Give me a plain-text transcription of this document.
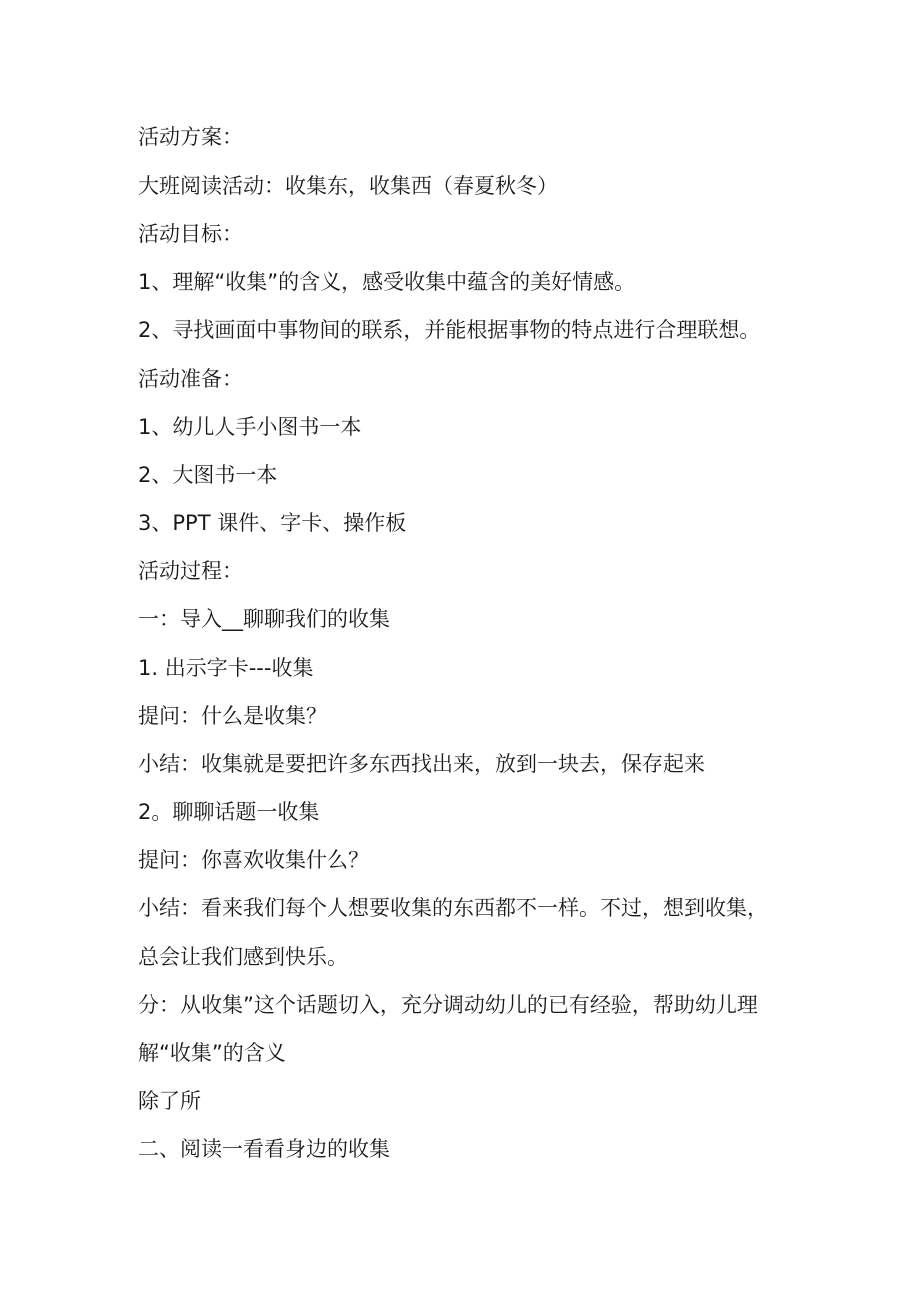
活动方案：
大班阅读活动：收集东，收集西（春夏秋冬）
活动目标：
1、理解“收集”的含义，感受收集中蕴含的美好情感。
2、寻找画面中事物间的联系，并能根据事物的特点进行合理联想。
活动准备：
1、幼儿人手小图书一本
2、大图书一本
3、PPT 课件、字卡、操作板
活动过程：
一：导入__聊聊我们的收集
1. 出示字卡---收集
提问：什么是收集？
小结：收集就是要把许多东西找出来，放到一块去，保存起来
2。聊聊话题一收集
提问：你喜欢收集什么？
小结：看来我们每个人想要收集的东西都不一样。不过，想到收集，
总会让我们感到快乐。
分：从收集”这个话题切入，充分调动幼儿的已有经验，帮助幼儿理
解“收集”的含义
除了所
二、阅读一看看身边的收集
